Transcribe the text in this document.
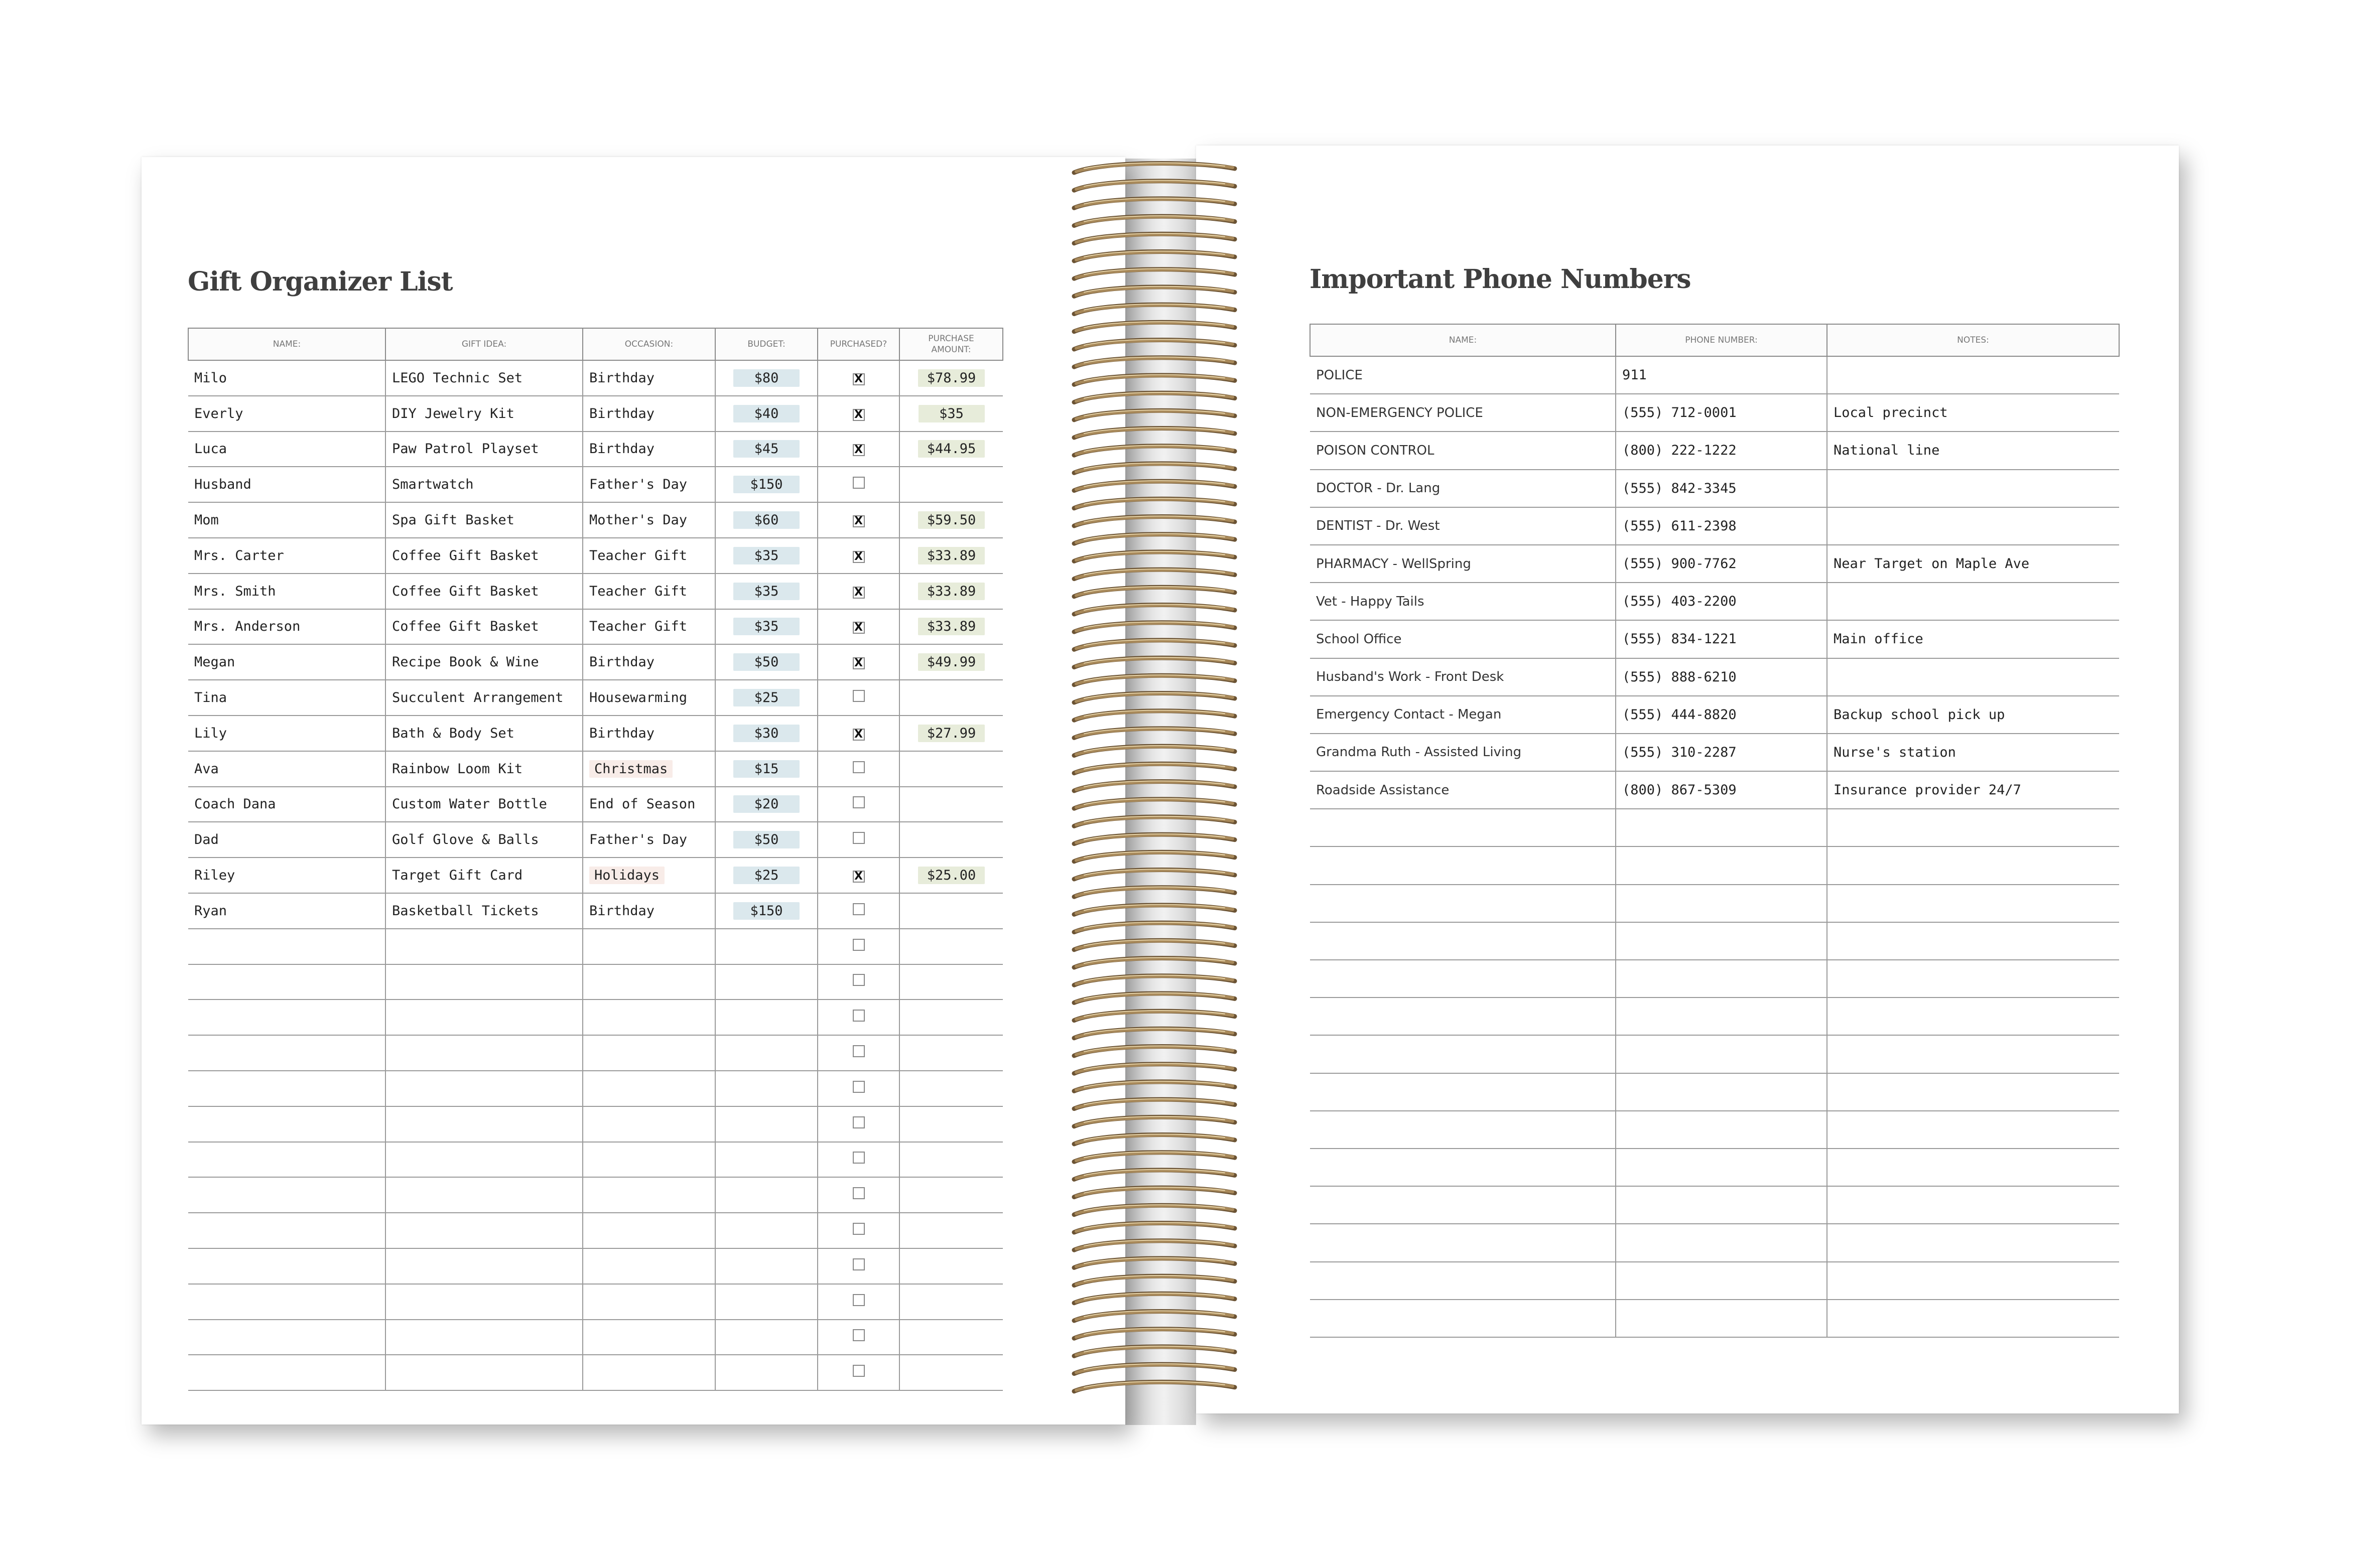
Gift Organizer List
NAME:	GIFT IDEA:	OCCASION:	BUDGET:	PURCHASED?	PURCHASE
AMOUNT:
Milo	LEGO Technic Set	Birthday	$80	X	$78.99
Everly	DIY Jewelry Kit	Birthday	$40	X	$35
Luca	Paw Patrol Playset	Birthday	$45	X	$44.95
Husband	Smartwatch	Father's Day	$150		
Mom	Spa Gift Basket	Mother's Day	$60	X	$59.50
Mrs. Carter	Coffee Gift Basket	Teacher Gift	$35	X	$33.89
Mrs. Smith	Coffee Gift Basket	Teacher Gift	$35	X	$33.89
Mrs. Anderson	Coffee Gift Basket	Teacher Gift	$35	X	$33.89
Megan	Recipe Book & Wine	Birthday	$50	X	$49.99
Tina	Succulent Arrangement	Housewarming	$25		
Lily	Bath & Body Set	Birthday	$30	X	$27.99
Ava	Rainbow Loom Kit	Christmas	$15		
Coach Dana	Custom Water Bottle	End of Season	$20		
Dad	Golf Glove & Balls	Father's Day	$50		
Riley	Target Gift Card	Holidays	$25	X	$25.00
Ryan	Basketball Tickets	Birthday	$150		

Important Phone Numbers
NAME:	PHONE NUMBER:	NOTES:
POLICE	911	
NON-EMERGENCY POLICE	(555) 712-0001	Local precinct
POISON CONTROL	(800) 222-1222	National line
DOCTOR - Dr. Lang	(555) 842-3345	
DENTIST - Dr. West	(555) 611-2398	
PHARMACY - WellSpring	(555) 900-7762	Near Target on Maple Ave
Vet - Happy Tails	(555) 403-2200	
School Office	(555) 834-1221	Main office
Husband's Work - Front Desk	(555) 888-6210	
Emergency Contact - Megan	(555) 444-8820	Backup school pick up
Grandma Ruth - Assisted Living	(555) 310-2287	Nurse's station
Roadside Assistance	(800) 867-5309	Insurance provider 24/7
